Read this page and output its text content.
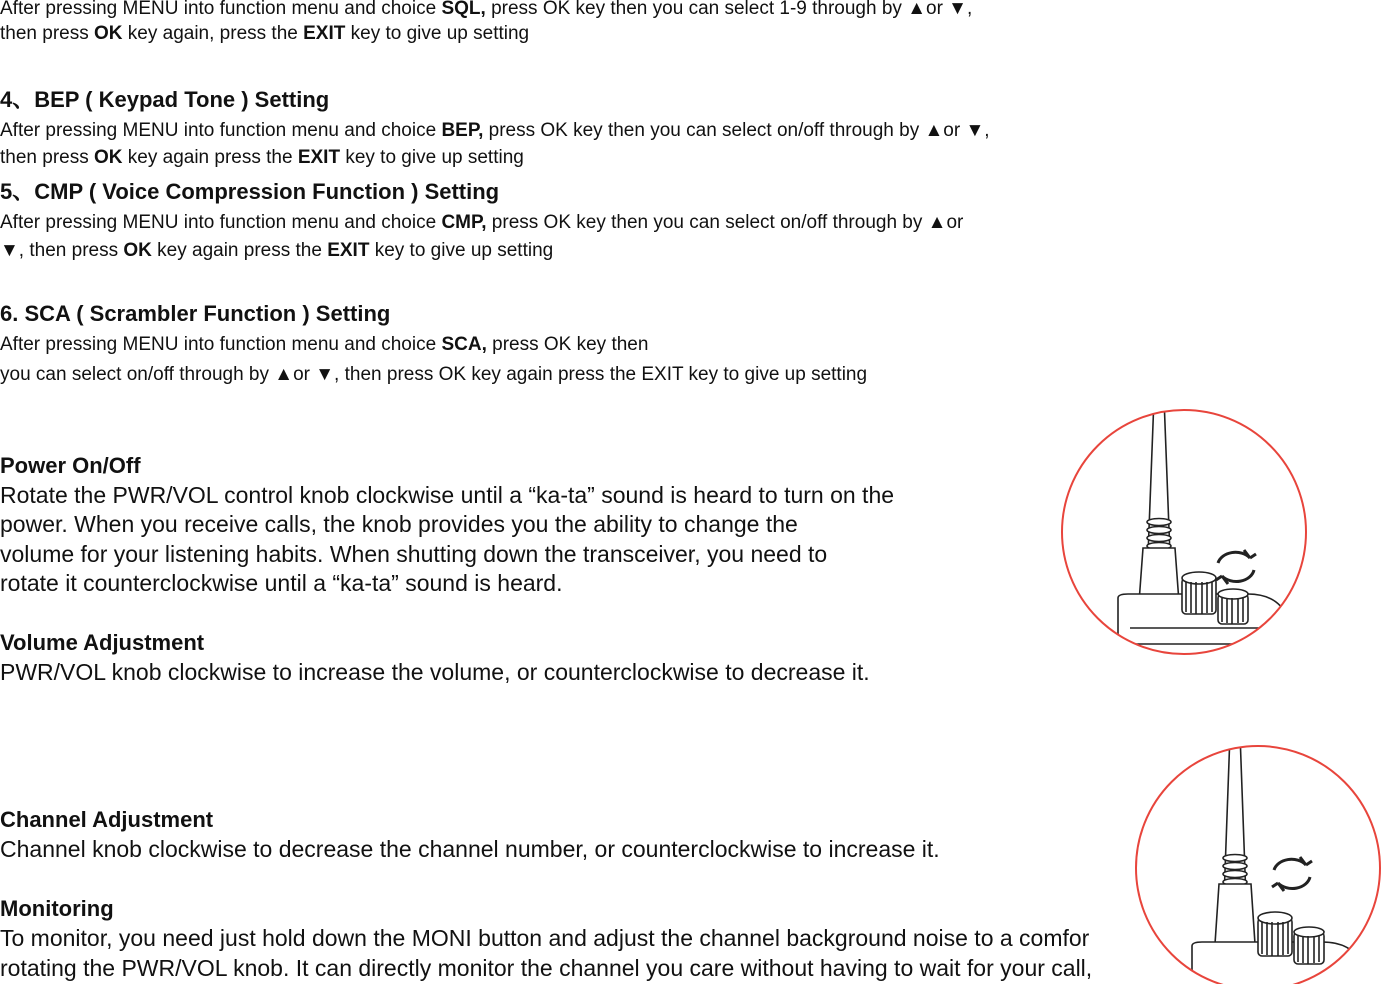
After pressing MENU into function menu and choice SQL, press OK key then you can select 1-9 through by ▲or ▼,
then press OK key again, press the EXIT key to give up setting
4、BEP ( Keypad Tone ) Setting
After pressing MENU into function menu and choice BEP, press OK key then you can select on/off through by ▲or ▼,
then press OK key again press the EXIT key to give up setting
5、CMP ( Voice Compression Function ) Setting
After pressing MENU into function menu and choice CMP, press OK key then you can select on/off through by ▲or
▼, then press OK key again press the EXIT key to give up setting
6. SCA ( Scrambler Function ) Setting
After pressing MENU into function menu and choice SCA, press OK key then
you can select on/off through by ▲or ▼, then press OK key again press the EXIT key to give up setting
Power On/Off
Rotate the PWR/VOL control knob clockwise until a “ka-ta” sound is heard to turn on the
power. When you receive calls, the knob provides you the ability to change the
volume for your listening habits. When shutting down the transceiver, you need to
rotate it counterclockwise until a “ka-ta” sound is heard.
Volume Adjustment
PWR/VOL knob clockwise to increase the volume, or counterclockwise to decrease it.
Channel Adjustment
Channel knob clockwise to decrease the channel number, or counterclockwise to increase it.
Monitoring
To monitor, you need just hold down the MONI button and adjust the channel background noise to a comfor
rotating the PWR/VOL knob. It can directly monitor the channel you care without having to wait for your call,
